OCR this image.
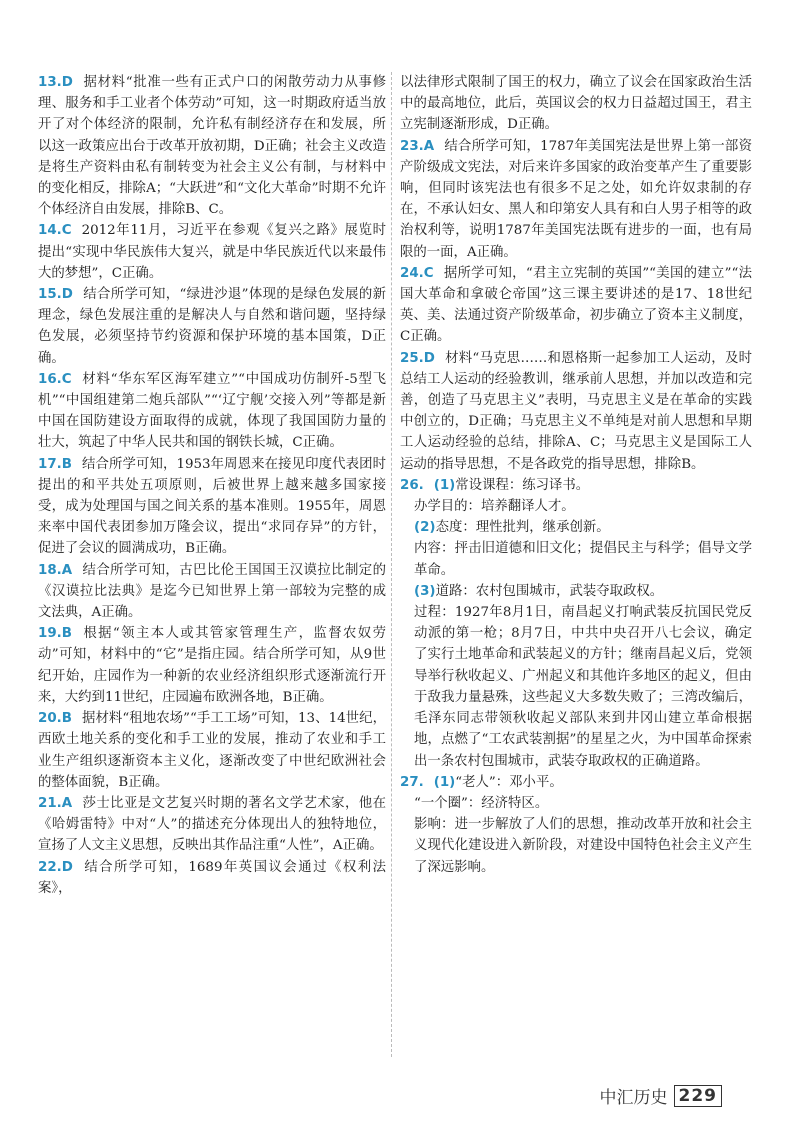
13.D 据材料“批准一些有正式户口的闲散劳动力从事修理、服务和手工业者个体劳动”可知，这一时期政府适当放开了对个体经济的限制，允许私有制经济存在和发展，所以这一政策应出台于改革开放初期，D正确；社会主义改造是将生产资料由私有制转变为社会主义公有制，与材料中的变化相反，排除A；“大跃进”和“文化大革命”时期不允许个体经济自由发展，排除B、C。

14.C 2012年11月，习近平在参观《复兴之路》展览时提出“实现中华民族伟大复兴，就是中华民族近代以来最伟大的梦想”，C正确。

15.D 结合所学可知，“绿进沙退”体现的是绿色发展的新理念，绿色发展注重的是解决人与自然和谐问题，坚持绿色发展，必须坚持节约资源和保护环境的基本国策，D正确。

16.C 材料“华东军区海军建立”“中国成功仿制歼-5型飞机”“中国组建第二炮兵部队”“‘辽宁舰’交接入列”等都是新中国在国防建设方面取得的成就，体现了我国国防力量的壮大，筑起了中华人民共和国的钢铁长城，C正确。

17.B 结合所学可知，1953年周恩来在接见印度代表团时提出的和平共处五项原则，后被世界上越来越多国家接受，成为处理国与国之间关系的基本准则。1955年，周恩来率中国代表团参加万隆会议，提出“求同存异”的方针，促进了会议的圆满成功，B正确。

18.A 结合所学可知，古巴比伦王国国王汉谟拉比制定的《汉谟拉比法典》是迄今已知世界上第一部较为完整的成文法典，A正确。

19.B 根据“领主本人或其管家管理生产，监督农奴劳动”可知，材料中的“它”是指庄园。结合所学可知，从9世纪开始，庄园作为一种新的农业经济组织形式逐渐流行开来，大约到11世纪，庄园遍布欧洲各地，B正确。

20.B 据材料“租地农场”“手工工场”可知，13、14世纪，西欧土地关系的变化和手工业的发展，推动了农业和手工业生产组织逐渐资本主义化，逐渐改变了中世纪欧洲社会的整体面貌，B正确。

21.A 莎士比亚是文艺复兴时期的著名文学艺术家，他在《哈姆雷特》中对“人”的描述充分体现出人的独特地位，宣扬了人文主义思想，反映出其作品注重“人性”，A正确。

22.D 结合所学可知，1689年英国议会通过《权利法案》，

以法律形式限制了国王的权力，确立了议会在国家政治生活中的最高地位，此后，英国议会的权力日益超过国王，君主立宪制逐渐形成，D正确。

23.A 结合所学可知，1787年美国宪法是世界上第一部资产阶级成文宪法，对后来许多国家的政治变革产生了重要影响，但同时该宪法也有很多不足之处，如允许奴隶制的存在，不承认妇女、黑人和印第安人具有和白人男子相等的政治权利等，说明1787年美国宪法既有进步的一面，也有局限的一面，A正确。

24.C 据所学可知，“君主立宪制的英国”“美国的建立”“法国大革命和拿破仑帝国”这三课主要讲述的是17、18世纪英、美、法通过资产阶级革命，初步确立了资本主义制度，C正确。

25.D 材料“马克思……和恩格斯一起参加工人运动，及时总结工人运动的经验教训，继承前人思想，并加以改造和完善，创造了马克思主义”表明，马克思主义是在革命的实践中创立的，D正确；马克思主义不单纯是对前人思想和早期工人运动经验的总结，排除A、C；马克思主义是国际工人运动的指导思想，不是各政党的指导思想，排除B。

26. (1)常设课程：练习译书。

办学目的：培养翻译人才。

(2)态度：理性批判，继承创新。

内容：抨击旧道德和旧文化；提倡民主与科学；倡导文学革命。

(3)道路：农村包围城市，武装夺取政权。

过程：1927年8月1日，南昌起义打响武装反抗国民党反动派的第一枪；8月7日，中共中央召开八七会议，确定了实行土地革命和武装起义的方针；继南昌起义后，党领导举行秋收起义、广州起义和其他许多地区的起义，但由于敌我力量悬殊，这些起义大多数失败了；三湾改编后，毛泽东同志带领秋收起义部队来到井冈山建立革命根据地，点燃了“工农武装割据”的星星之火，为中国革命探索出一条农村包围城市，武装夺取政权的正确道路。

27. (1)“老人”：邓小平。

“一个圈”：经济特区。

影响：进一步解放了人们的思想，推动改革开放和社会主义现代化建设进入新阶段，对建设中国特色社会主义产生了深远影响。

中汇历史 229
